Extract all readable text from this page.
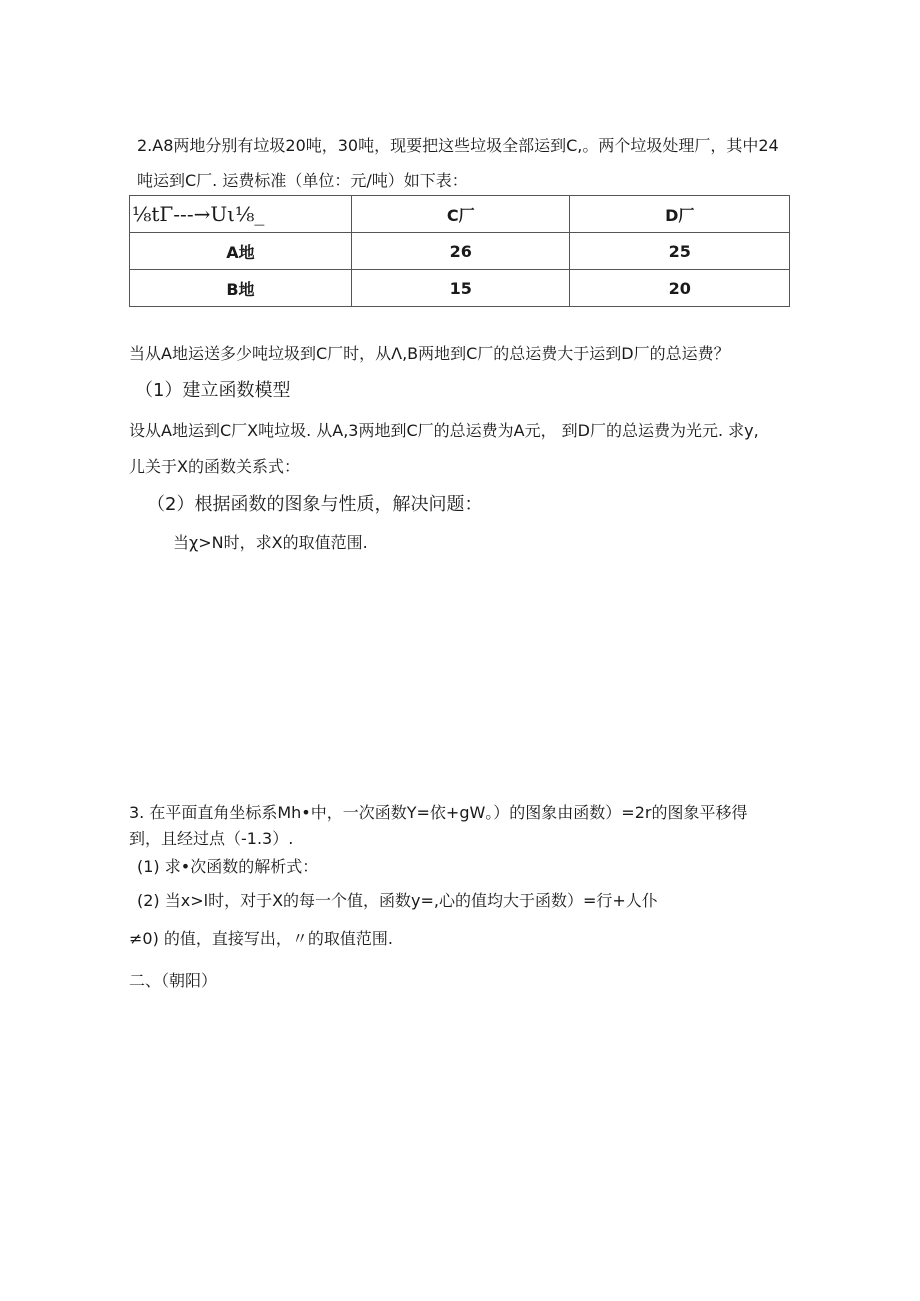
2.A8两地分别有垃圾20吨，30吨，现要把这些垃圾全部运到C,。两个垃圾处理厂，其中24
吨运到C厂. 运费标准（单位：元/吨）如下表：
⅛tΓ---→Uι⅛_	C厂	D厂
A地	26	25
B地	15	20
当从A地运送多少吨垃圾到C厂时，从Λ,B两地到C厂的总运费大于运到D厂的总运费？
（1）建立函数模型
设从A地运到C厂X吨垃圾. 从A,3两地到C厂的总运费为A元， 到D厂的总运费为光元. 求y,
儿关于X的函数关系式：
（2）根据函数的图象与性质，解决问题：
当χ>N时，求X的取值范围.
3. 在平面直角坐标系Mh•中，一次函数Y=依+gW。）的图象由函数）=2r的图象平移得
到，且经过点（-1.3）.
(1) 求•次函数的解析式：
(2) 当x>l时，对于X的每一个值，函数y=,心的值均大于函数）=行+人仆
≠0) 的值，直接写出，〃的取值范围.
二、（朝阳）
